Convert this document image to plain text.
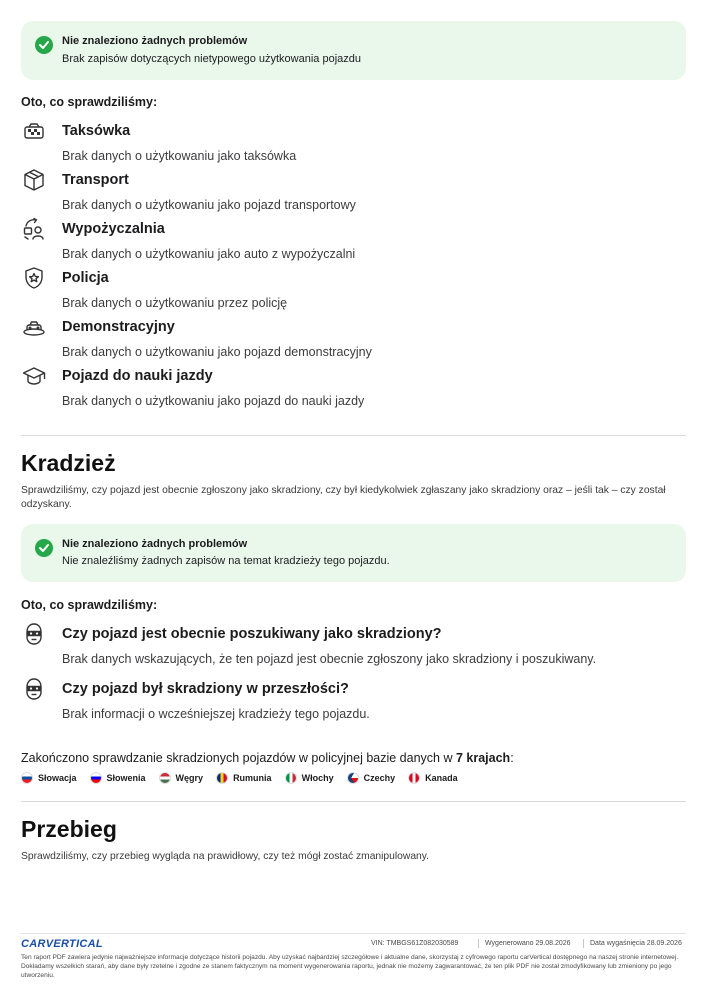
Nie znaleziono żadnych problemów
Brak zapisów dotyczących nietypowego użytkowania pojazdu
Oto, co sprawdziliśmy:
Taksówka
Brak danych o użytkowaniu jako taksówka
Transport
Brak danych o użytkowaniu jako pojazd transportowy
Wypożyczalnia
Brak danych o użytkowaniu jako auto z wypożyczalni
Policja
Brak danych o użytkowaniu przez policję
Demonstracyjny
Brak danych o użytkowaniu jako pojazd demonstracyjny
Pojazd do nauki jazdy
Brak danych o użytkowaniu jako pojazd do nauki jazdy
Kradzież
Sprawdziliśmy, czy pojazd jest obecnie zgłoszony jako skradziony, czy był kiedykolwiek zgłaszany jako skradziony oraz – jeśli tak – czy został odzyskany.
Nie znaleziono żadnych problemów
Nie znaleźliśmy żadnych zapisów na temat kradzieży tego pojazdu.
Oto, co sprawdziliśmy:
Czy pojazd jest obecnie poszukiwany jako skradziony?
Brak danych wskazujących, że ten pojazd jest obecnie zgłoszony jako skradziony i poszukiwany.
Czy pojazd był skradziony w przeszłości?
Brak informacji o wcześniejszej kradzieży tego pojazdu.
Zakończono sprawdzanie skradzionych pojazdów w policyjnej bazie danych w 7 krajach:
Słowacja	Słowenia	Węgry	Rumunia	Włochy	Czechy	Kanada
Przebieg
Sprawdziliśmy, czy przebieg wygląda na prawidłowy, czy też mógł zostać zmanipulowany.
CARVERTICAL	VIN: TMBGS61Z082030589	Wygenerowano 29.08.2026	Data wygaśnięcia 28.09.2026
Ten raport PDF zawiera jedynie najważniejsze informacje dotyczące historii pojazdu. Aby uzyskać najbardziej szczegółowe i aktualne dane, skorzystaj z cyfrowego raportu carVertical dostępnego na naszej stronie internetowej. Dokładamy wszelkich starań, aby dane były rzetelne i zgodne ze stanem faktycznym na moment wygenerowania raportu, jednak nie możemy zagwarantować, że ten plik PDF nie został zmodyfikowany lub zmieniony po jego utworzeniu.
